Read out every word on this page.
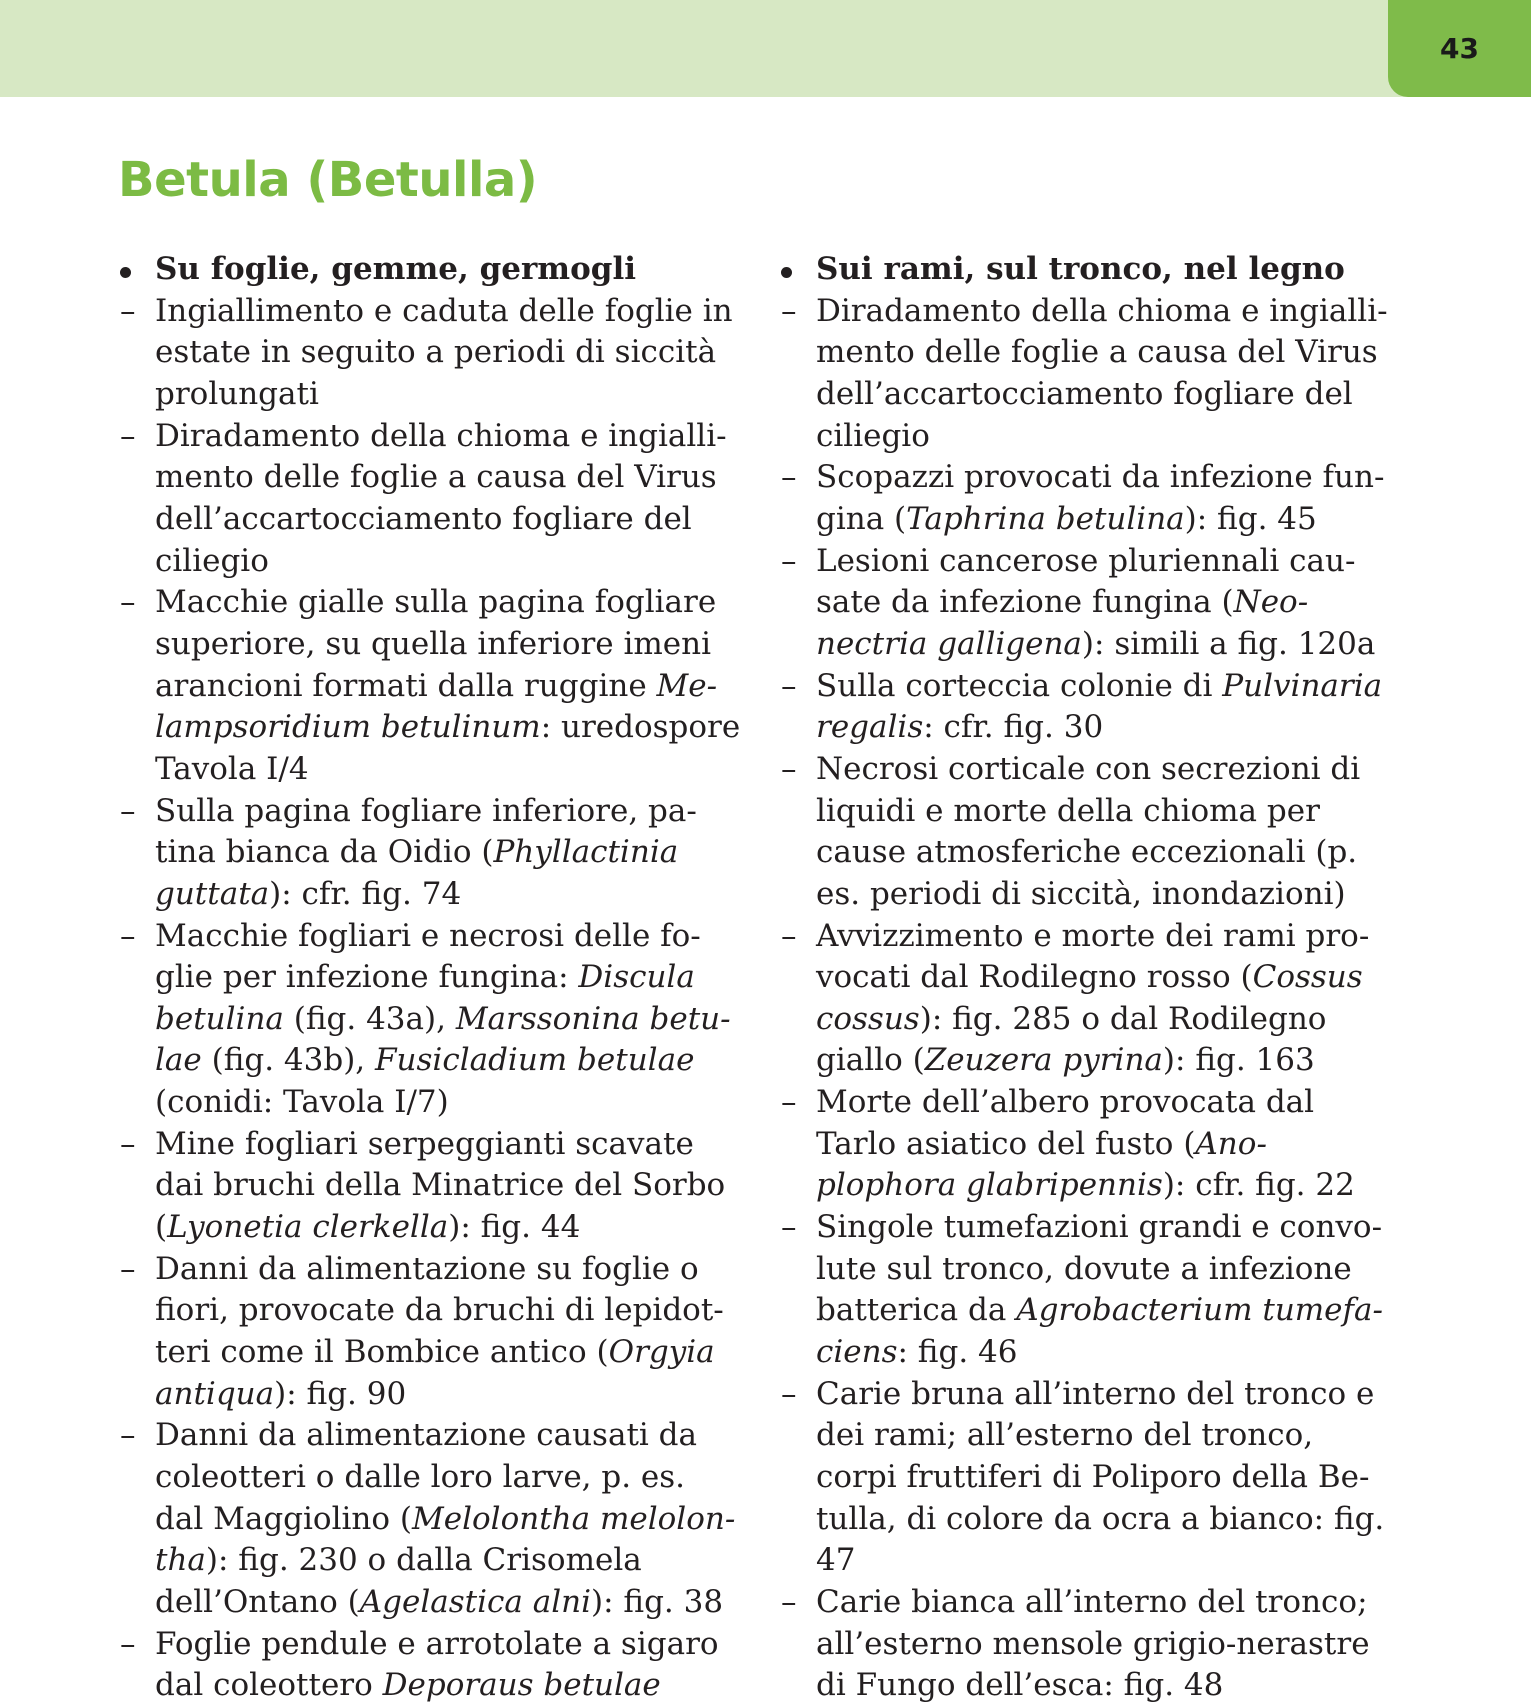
43
Betula (Betulla)
Su foglie, gemme, germogli
– Ingiallimento e caduta delle foglie in
estate in seguito a periodi di siccità
prolungati
– Diradamento della chioma e ingialli-
mento delle foglie a causa del Virus
dell’accartocciamento fogliare del
ciliegio
– Macchie gialle sulla pagina fogliare
superiore, su quella inferiore imeni
arancioni formati dalla ruggine Me-
lampsoridium betulinum: uredospore
Tavola I/4
– Sulla pagina fogliare inferiore, pa-
tina bianca da Oidio (Phyllactinia
guttata): cfr. fig. 74
– Macchie fogliari e necrosi delle fo-
glie per infezione fungina: Discula
betulina (fig. 43a), Marssonina betu-
lae (fig. 43b), Fusicladium betulae
(conidi: Tavola I/7)
– Mine fogliari serpeggianti scavate
dai bruchi della Minatrice del Sorbo
(Lyonetia clerkella): fig. 44
– Danni da alimentazione su foglie o
fiori, provocate da bruchi di lepidot-
teri come il Bombice antico (Orgyia
antiqua): fig. 90
– Danni da alimentazione causati da
coleotteri o dalle loro larve, p. es.
dal Maggiolino (Melolontha melolon-
tha): fig. 230 o dalla Crisomela
dell’Ontano (Agelastica alni): fig. 38
– Foglie pendule e arrotolate a sigaro
dal coleottero Deporaus betulae
Sui rami, sul tronco, nel legno
– Diradamento della chioma e ingialli-
mento delle foglie a causa del Virus
dell’accartocciamento fogliare del
ciliegio
– Scopazzi provocati da infezione fun-
gina (Taphrina betulina): fig. 45
– Lesioni cancerose pluriennali cau-
sate da infezione fungina (Neo-
nectria galligena): simili a fig. 120a
– Sulla corteccia colonie di Pulvinaria
regalis: cfr. fig. 30
– Necrosi corticale con secrezioni di
liquidi e morte della chioma per
cause atmosferiche eccezionali (p.
es. periodi di siccità, inondazioni)
– Avvizzimento e morte dei rami pro-
vocati dal Rodilegno rosso (Cossus
cossus): fig. 285 o dal Rodilegno
giallo (Zeuzera pyrina): fig. 163
– Morte dell’albero provocata dal
Tarlo asiatico del fusto (Ano-
plophora glabripennis): cfr. fig. 22
– Singole tumefazioni grandi e convo-
lute sul tronco, dovute a infezione
batterica da Agrobacterium tumefa-
ciens: fig. 46
– Carie bruna all’interno del tronco e
dei rami; all’esterno del tronco,
corpi fruttiferi di Poliporo della Be-
tulla, di colore da ocra a bianco: fig.
47
– Carie bianca all’interno del tronco;
all’esterno mensole grigio-nerastre
di Fungo dell’esca: fig. 48
